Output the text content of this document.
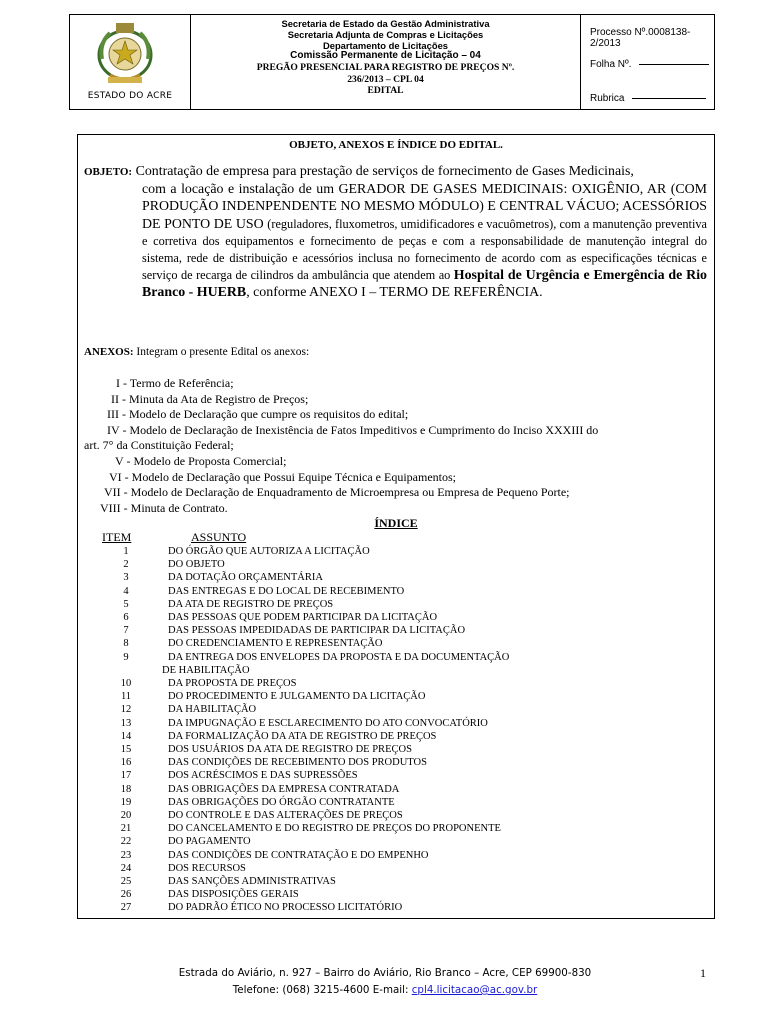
ESTADO DO ACRE
Secretaria de Estado da Gestão Administrativa
Secretaria Adjunta de Compras e Licitações
Departamento de Licitações
Comissão Permanente de Licitação – 04
PREGÃO PRESENCIAL PARA REGISTRO DE PREÇOS Nº.
236/2013 – CPL 04
EDITAL
Processo Nº.0008138-2/2013
Folha Nº.
Rubrica
OBJETO, ANEXOS E ÍNDICE DO EDITAL.
OBJETO: Contratação de empresa para prestação de serviços de fornecimento de Gases Medicinais,
com a locação e instalação de um GERADOR DE GASES MEDICINAIS: OXIGÊNIO, AR (COM PRODUÇÃO INDENPENDENTE NO MESMO MÓDULO) E CENTRAL VÁCUO; ACESSÓRIOS DE PONTO DE USO (reguladores, fluxometros, umidificadores e vacuômetros), com a manutenção preventiva e corretiva dos equipamentos e fornecimento de peças e com a responsabilidade de manutenção integral do sistema, rede de distribuição e acessórios inclusa no fornecimento de acordo com as especificações técnicas e serviço de recarga de cilindros da ambulância que atendem ao Hospital de Urgência e Emergência de Rio Branco - HUERB, conforme ANEXO I – TERMO DE REFERÊNCIA.
ANEXOS: Integram o presente Edital os anexos:
I - Termo de Referência;
II - Minuta da Ata de Registro de Preços;
III - Modelo de Declaração que cumpre os requisitos do edital;
IV - Modelo de Declaração de Inexistência de Fatos Impeditivos e Cumprimento do Inciso XXXIII do
art. 7° da Constituição Federal;
V - Modelo de Proposta Comercial;
VI - Modelo de Declaração que Possui Equipe Técnica e Equipamentos;
VII - Modelo de Declaração de Enquadramento de Microempresa ou Empresa de Pequeno Porte;
VIII - Minuta de Contrato.
ÍNDICE
ITEM	ASSUNTO
1	DO ÓRGÃO QUE AUTORIZA A LICITAÇÃO
2	DO OBJETO
3	DA DOTAÇÃO ORÇAMENTÁRIA
4	DAS ENTREGAS E DO LOCAL DE RECEBIMENTO
5	DA ATA DE REGISTRO DE PREÇOS
6	DAS PESSOAS QUE PODEM PARTICIPAR DA LICITAÇÃO
7	DAS PESSOAS IMPEDIDADAS DE PARTICIPAR DA LICITAÇÃO
8	DO CREDENCIAMENTO E REPRESENTAÇÃO
9	DA ENTREGA DOS ENVELOPES DA PROPOSTA E DA DOCUMENTAÇÃO
DE HABILITAÇÃO
10	DA PROPOSTA DE PREÇOS
11	DO PROCEDIMENTO E JULGAMENTO DA LICITAÇÃO
12	DA HABILITAÇÃO
13	DA IMPUGNAÇÃO E ESCLARECIMENTO DO ATO CONVOCATÓRIO
14	DA FORMALIZAÇÃO DA ATA DE REGISTRO DE PREÇOS
15	DOS USUÁRIOS DA ATA DE REGISTRO DE PREÇOS
16	DAS CONDIÇÕES DE RECEBIMENTO DOS PRODUTOS
17	DOS ACRÉSCIMOS E DAS SUPRESSÕES
18	DAS OBRIGAÇÕES DA EMPRESA CONTRATADA
19	DAS OBRIGAÇÕES DO ÓRGÃO CONTRATANTE
20	DO CONTROLE E DAS ALTERAÇÕES DE PREÇOS
21	DO CANCELAMENTO E DO REGISTRO DE PREÇOS DO PROPONENTE
22	DO PAGAMENTO
23	DAS CONDIÇÕES DE CONTRATAÇÃO E DO EMPENHO
24	DOS RECURSOS
25	DAS SANÇÕES ADMINISTRATIVAS
26	DAS DISPOSIÇÕES GERAIS
27	DO PADRÃO ÉTICO NO PROCESSO LICITATÓRIO
Estrada do Aviário, n. 927 – Bairro do Aviário, Rio Branco – Acre, CEP 69900-830
Telefone: (068) 3215-4600 E-mail: cpl4.licitacao@ac.gov.br
1
